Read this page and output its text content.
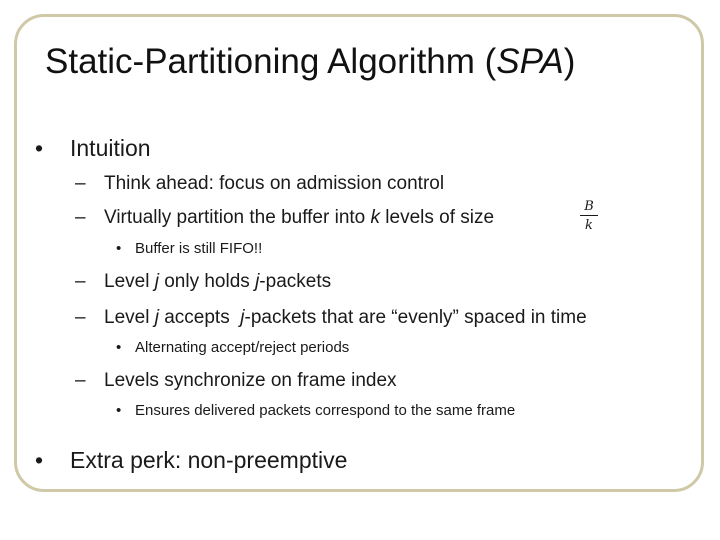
Static-Partitioning Algorithm (SPA)
• Intuition
– Think ahead: focus on admission control
– Virtually partition the buffer into k levels of size
B
k
• Buffer is still FIFO!!
– Level j only holds j-packets
– Level j accepts  j-packets that are “evenly” spaced in time
• Alternating accept/reject periods
– Levels synchronize on frame index
• Ensures delivered packets correspond to the same frame
• Extra perk: non-preemptive
